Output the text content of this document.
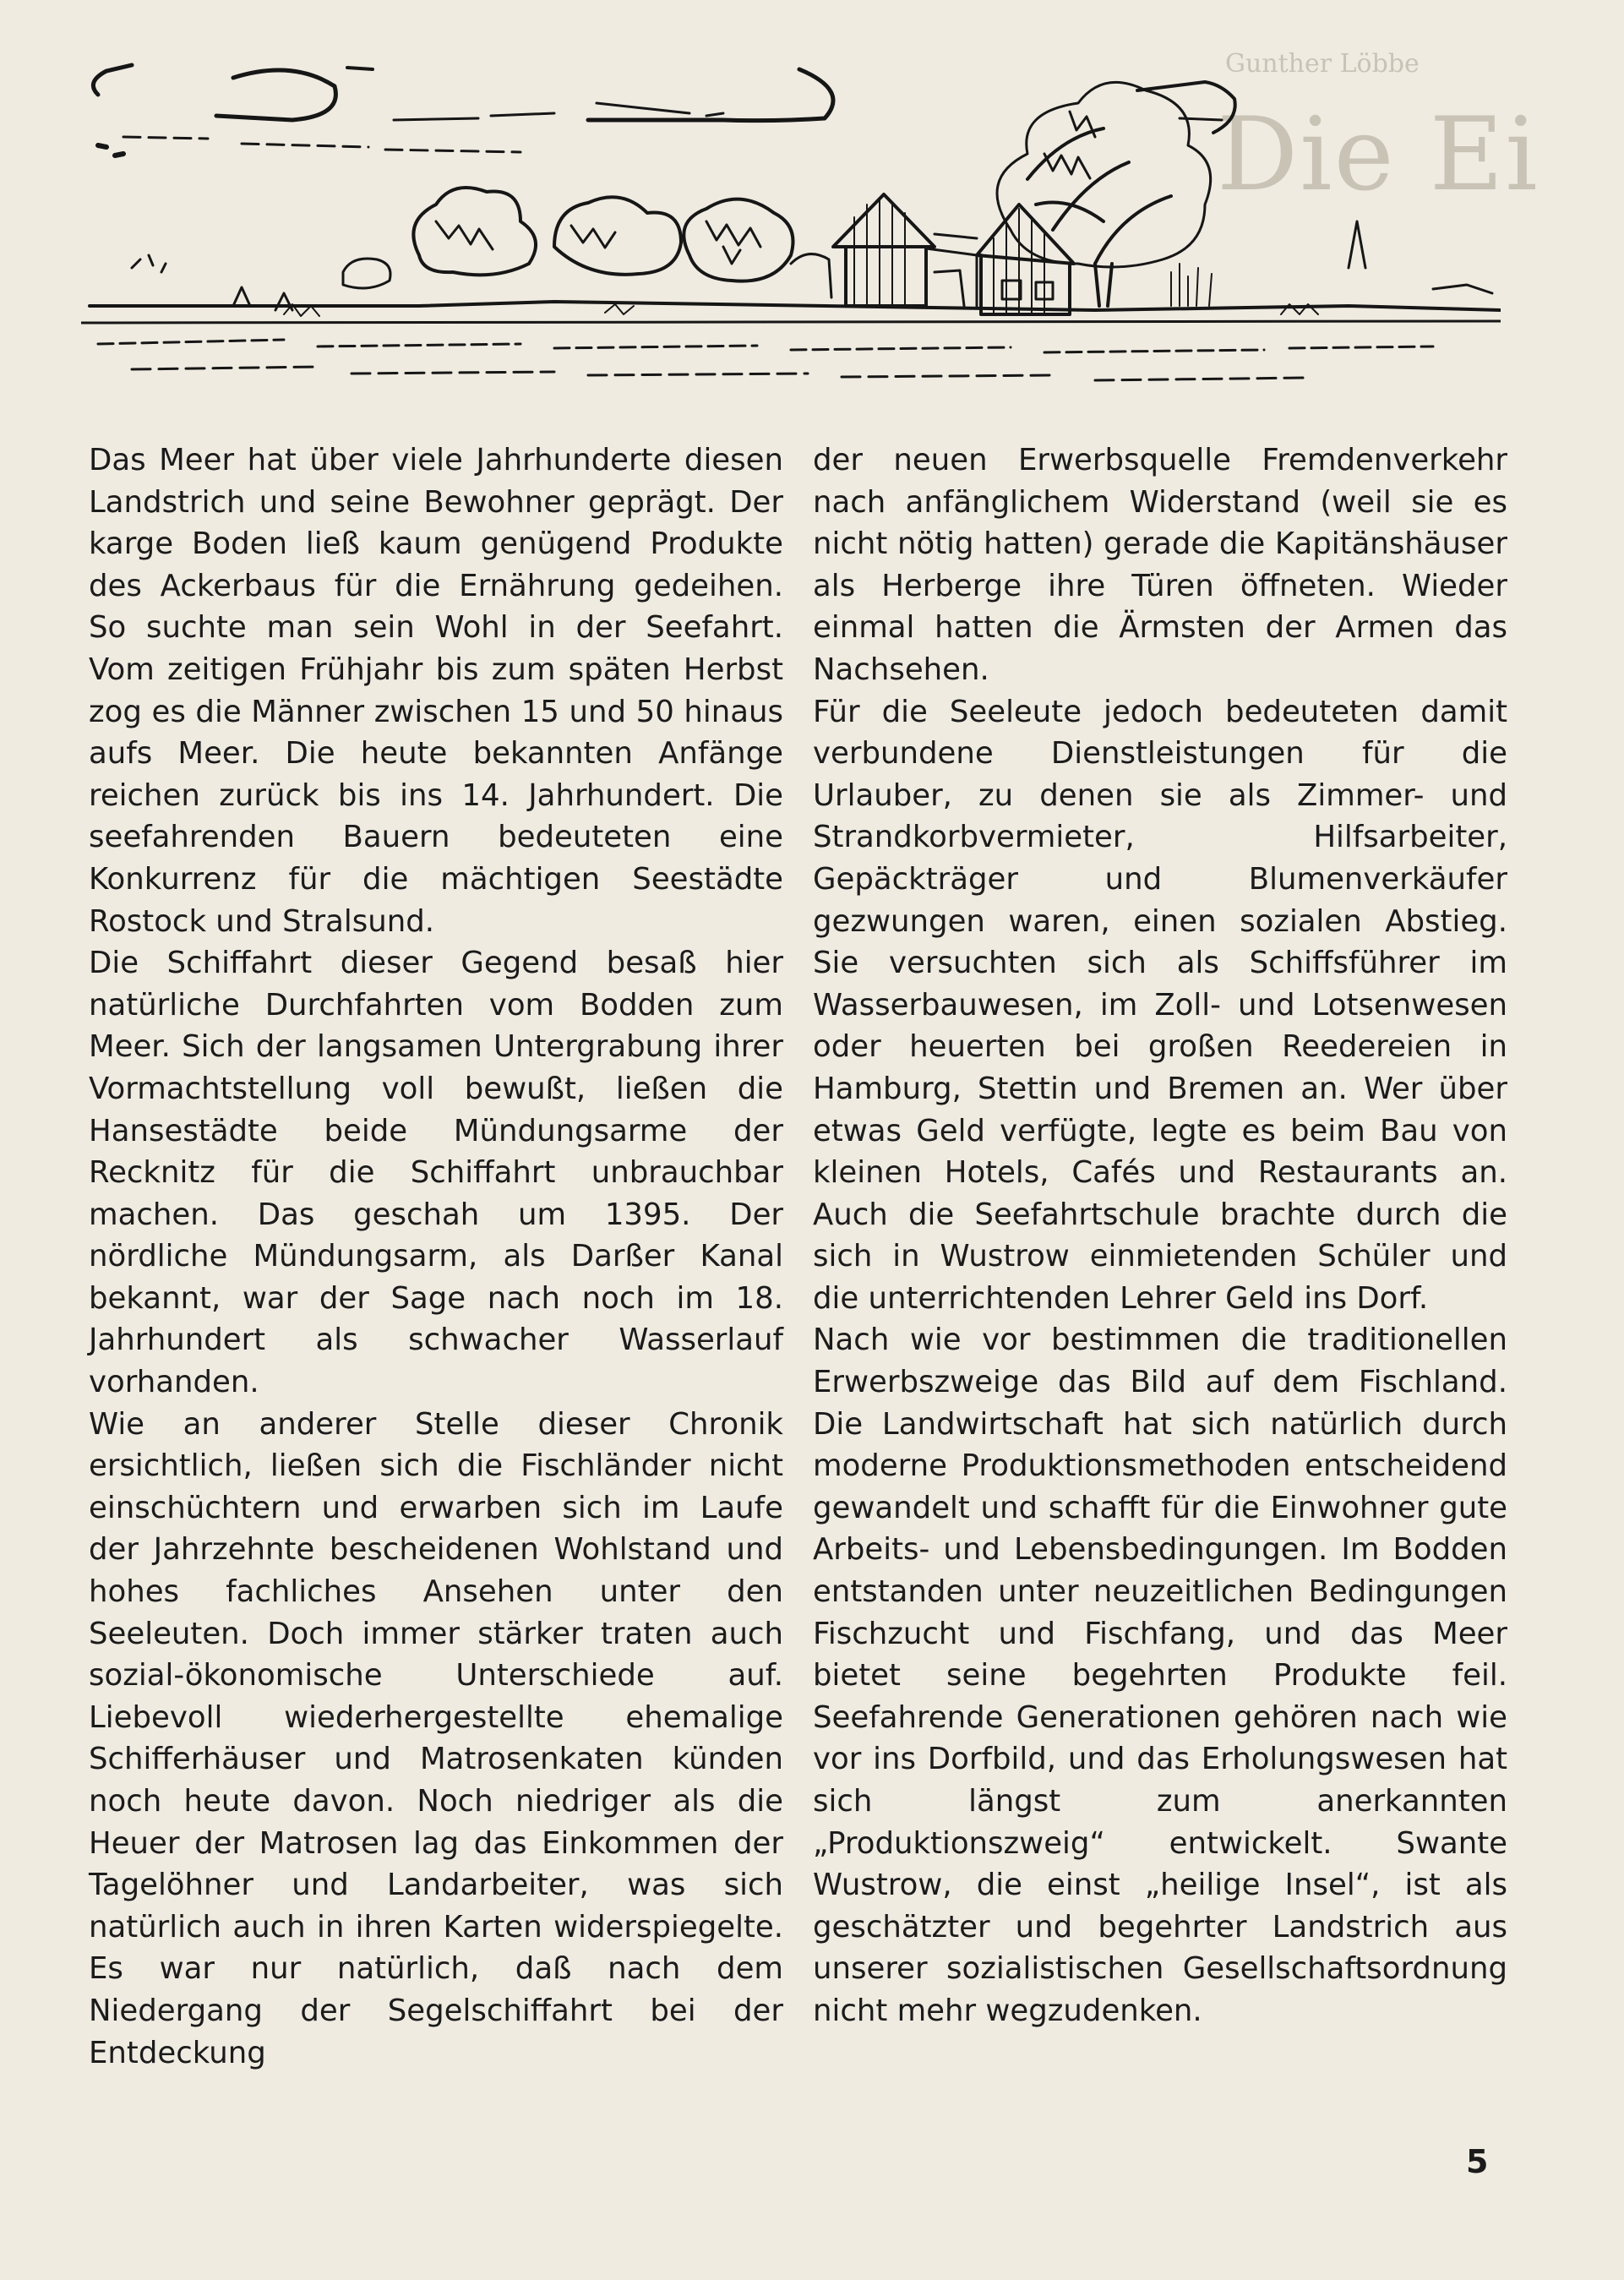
Gunther Löbbe
Die Ei

Das Meer hat über viele Jahrhunderte diesen Landstrich und seine Bewohner geprägt. Der karge Boden ließ kaum genügend Produkte des Ackerbaus für die Ernährung gedeihen. So suchte man sein Wohl in der Seefahrt. Vom zeitigen Frühjahr bis zum späten Herbst zog es die Männer zwischen 15 und 50 hinaus aufs Meer. Die heute bekannten Anfänge reichen zurück bis ins 14. Jahrhundert. Die seefahrenden Bauern bedeuteten eine Konkurrenz für die mächtigen Seestädte Rostock und Stralsund.

Die Schiffahrt dieser Gegend besaß hier natürliche Durchfahrten vom Bodden zum Meer. Sich der langsamen Untergrabung ihrer Vormachtstellung voll bewußt, ließen die Hansestädte beide Mündungsarme der Recknitz für die Schiffahrt unbrauchbar machen. Das geschah um 1395. Der nördliche Mündungsarm, als Darßer Kanal bekannt, war der Sage nach noch im 18. Jahrhundert als schwacher Wasserlauf vorhanden.

Wie an anderer Stelle dieser Chronik ersichtlich, ließen sich die Fischländer nicht einschüchtern und erwarben sich im Laufe der Jahrzehnte bescheidenen Wohlstand und hohes fachliches Ansehen unter den Seeleuten. Doch immer stärker traten auch sozial-ökonomische Unterschiede auf. Liebevoll wiederhergestellte ehemalige Schifferhäuser und Matrosenkaten künden noch heute davon. Noch niedriger als die Heuer der Matrosen lag das Einkommen der Tagelöhner und Landarbeiter, was sich natürlich auch in ihren Karten widerspiegelte. Es war nur natürlich, daß nach dem Niedergang der Segelschiffahrt bei der Entdeckung

der neuen Erwerbsquelle Fremdenverkehr nach anfänglichem Widerstand (weil sie es nicht nötig hatten) gerade die Kapitänshäuser als Herberge ihre Türen öffneten. Wieder einmal hatten die Ärmsten der Armen das Nachsehen.

Für die Seeleute jedoch bedeuteten damit verbundene Dienstleistungen für die Urlauber, zu denen sie als Zimmer- und Strandkorbvermieter, Hilfsarbeiter, Gepäckträger und Blumenverkäufer gezwungen waren, einen sozialen Abstieg. Sie versuchten sich als Schiffsführer im Wasserbauwesen, im Zoll- und Lotsenwesen oder heuerten bei großen Reedereien in Hamburg, Stettin und Bremen an. Wer über etwas Geld verfügte, legte es beim Bau von kleinen Hotels, Cafés und Restaurants an. Auch die Seefahrtschule brachte durch die sich in Wustrow einmietenden Schüler und die unterrichtenden Lehrer Geld ins Dorf.

Nach wie vor bestimmen die traditionellen Erwerbszweige das Bild auf dem Fischland. Die Landwirtschaft hat sich natürlich durch moderne Produktionsmethoden entscheidend gewandelt und schafft für die Einwohner gute Arbeits- und Lebensbedingungen. Im Bodden entstanden unter neuzeitlichen Bedingungen Fischzucht und Fischfang, und das Meer bietet seine begehrten Produkte feil. Seefahrende Generationen gehören nach wie vor ins Dorfbild, und das Erholungswesen hat sich längst zum anerkannten „Produktionszweig“ entwickelt. Swante Wustrow, die einst „heilige Insel“, ist als geschätzter und begehrter Landstrich aus unserer sozialistischen Gesellschaftsordnung nicht mehr wegzudenken.

5
